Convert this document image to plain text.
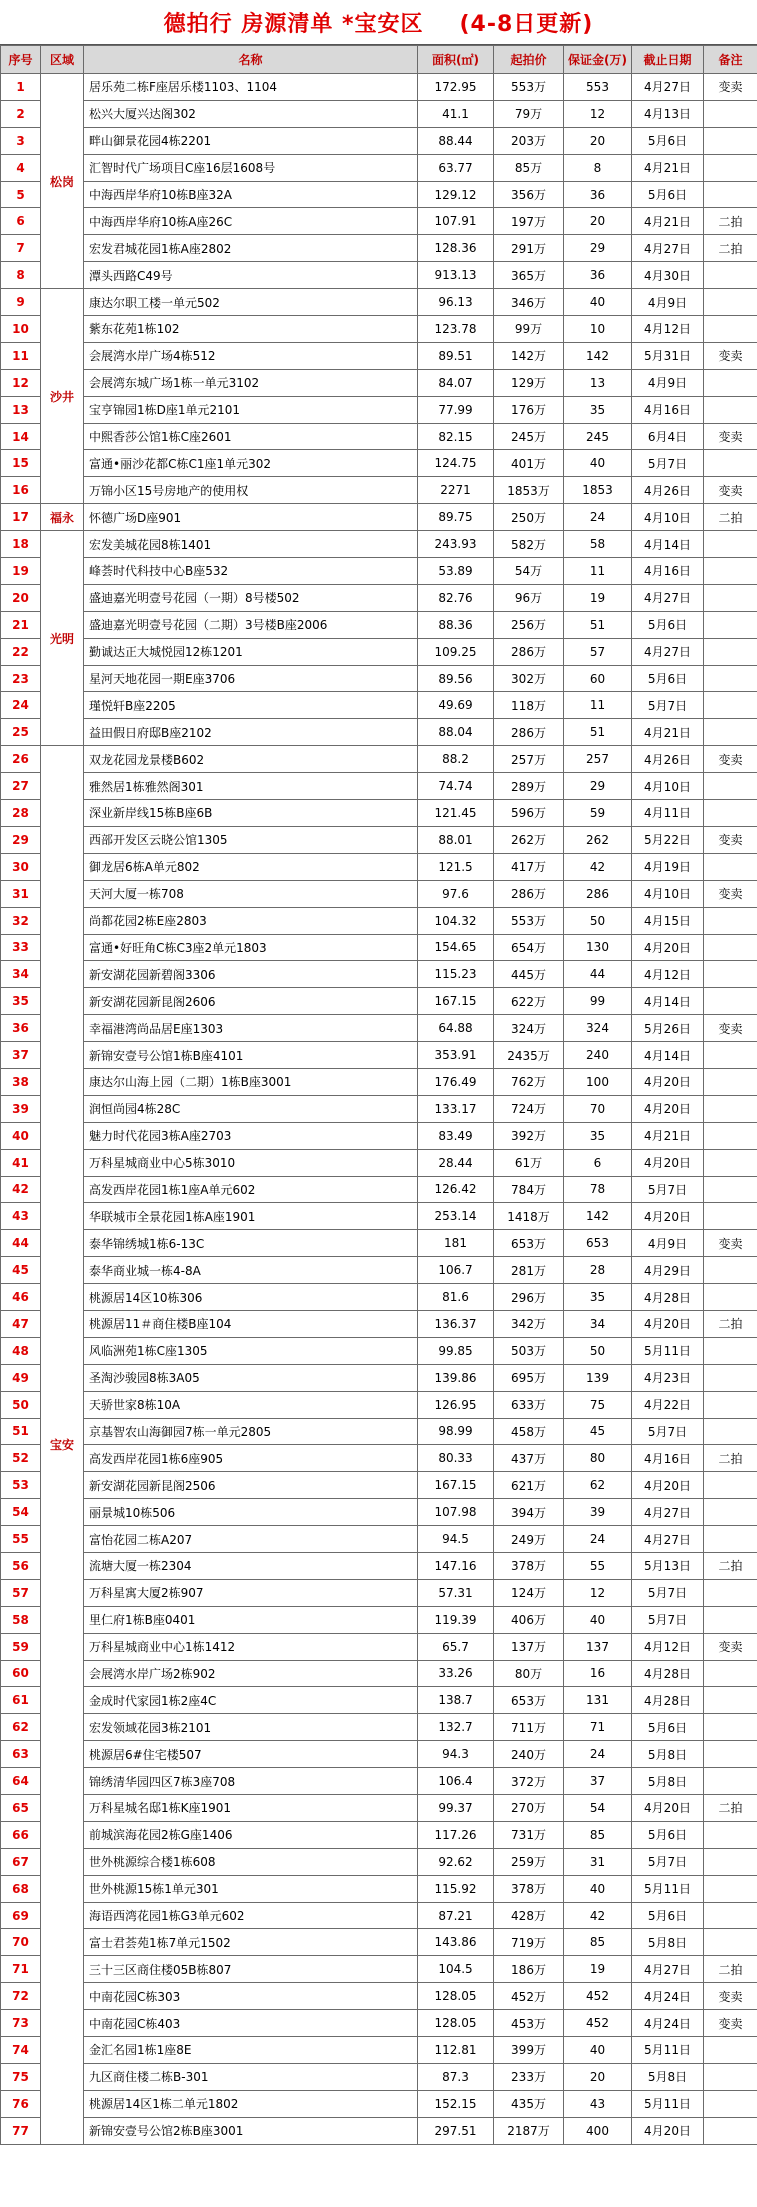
德拍行 房源清单 *宝安区 (4-8日更新)
序号	区域	名称	面积(㎡)	起拍价	保证金(万)	截止日期	备注
1	松岗	居乐苑二栋F座居乐楼1103、1104	172.95	553万	553	4月27日	变卖
2		松兴大厦兴达阁302	41.1	79万	12	4月13日	
3		畔山御景花园4栋2201	88.44	203万	20	5月6日	
4		汇智时代广场项目C座16层1608号	63.77	85万	8	4月21日	
5		中海西岸华府10栋B座32A	129.12	356万	36	5月6日	
6		中海西岸华府10栋A座26C	107.91	197万	20	4月21日	二拍
7		宏发君城花园1栋A座2802	128.36	291万	29	4月27日	二拍
8		潭头西路C49号	913.13	365万	36	4月30日	
9	沙井	康达尔职工楼一单元502	96.13	346万	40	4月9日	
10		紫东花苑1栋102	123.78	99万	10	4月12日	
11		会展湾水岸广场4栋512	89.51	142万	142	5月31日	变卖
12		会展湾东城广场1栋一单元3102	84.07	129万	13	4月9日	
13		宝亨锦园1栋D座1单元2101	77.99	176万	35	4月16日	
14		中熙香莎公馆1栋C座2601	82.15	245万	245	6月4日	变卖
15		富通•丽沙花都C栋C1座1单元302	124.75	401万	40	5月7日	
16		万锦小区15号房地产的使用权	2271	1853万	1853	4月26日	变卖
17	福永	怀德广场D座901	89.75	250万	24	4月10日	二拍
18	光明	宏发美城花园8栋1401	243.93	582万	58	4月14日	
19		峰荟时代科技中心B座532	53.89	54万	11	4月16日	
20		盛迪嘉光明壹号花园（一期）8号楼502	82.76	96万	19	4月27日	
21		盛迪嘉光明壹号花园（二期）3号楼B座2006	88.36	256万	51	5月6日	
22		勤诚达正大城悦园12栋1201	109.25	286万	57	4月27日	
23		星河天地花园一期E座3706	89.56	302万	60	5月6日	
24		瑾悦轩B座2205	49.69	118万	11	5月7日	
25		益田假日府邸B座2102	88.04	286万	51	4月21日	
26	宝安	双龙花园龙景楼B602	88.2	257万	257	4月26日	变卖
27		雅然居1栋雅然阁301	74.74	289万	29	4月10日	
28		深业新岸线15栋B座6B	121.45	596万	59	4月11日	
29		西部开发区云晓公馆1305	88.01	262万	262	5月22日	变卖
30		御龙居6栋A单元802	121.5	417万	42	4月19日	
31		天河大厦一栋708	97.6	286万	286	4月10日	变卖
32		尚都花园2栋E座2803	104.32	553万	50	4月15日	
33		富通•好旺角C栋C3座2单元1803	154.65	654万	130	4月20日	
34		新安湖花园新碧阁3306	115.23	445万	44	4月12日	
35		新安湖花园新昆阁2606	167.15	622万	99	4月14日	
36		幸福港湾尚品居E座1303	64.88	324万	324	5月26日	变卖
37		新锦安壹号公馆1栋B座4101	353.91	2435万	240	4月14日	
38		康达尔山海上园（二期）1栋B座3001	176.49	762万	100	4月20日	
39		润恒尚园4栋28C	133.17	724万	70	4月20日	
40		魅力时代花园3栋A座2703	83.49	392万	35	4月21日	
41		万科星城商业中心5栋3010	28.44	61万	6	4月20日	
42		高发西岸花园1栋1座A单元602	126.42	784万	78	5月7日	
43		华联城市全景花园1栋A座1901	253.14	1418万	142	4月20日	
44		泰华锦绣城1栋6-13C	181	653万	653	4月9日	变卖
45		泰华商业城一栋4-8A	106.7	281万	28	4月29日	
46		桃源居14区10栋306	81.6	296万	35	4月28日	
47		桃源居11＃商住楼B座104	136.37	342万	34	4月20日	二拍
48		风临洲苑1栋C座1305	99.85	503万	50	5月11日	
49		圣淘沙骏园8栋3A05	139.86	695万	139	4月23日	
50		天骄世家8栋10A	126.95	633万	75	4月22日	
51		京基智农山海御园7栋一单元2805	98.99	458万	45	5月7日	
52		高发西岸花园1栋6座905	80.33	437万	80	4月16日	二拍
53		新安湖花园新昆阁2506	167.15	621万	62	4月20日	
54		丽景城10栋506	107.98	394万	39	4月27日	
55		富怡花园二栋A207	94.5	249万	24	4月27日	
56		流塘大厦一栋2304	147.16	378万	55	5月13日	二拍
57		万科星寓大厦2栋907	57.31	124万	12	5月7日	
58		里仁府1栋B座0401	119.39	406万	40	5月7日	
59		万科星城商业中心1栋1412	65.7	137万	137	4月12日	变卖
60		会展湾水岸广场2栋902	33.26	80万	16	4月28日	
61		金成时代家园1栋2座4C	138.7	653万	131	4月28日	
62		宏发领域花园3栋2101	132.7	711万	71	5月6日	
63		桃源居6#住宅楼507	94.3	240万	24	5月8日	
64		锦绣清华园四区7栋3座708	106.4	372万	37	5月8日	
65		万科星城名邸1栋K座1901	99.37	270万	54	4月20日	二拍
66		前城滨海花园2栋G座1406	117.26	731万	85	5月6日	
67		世外桃源综合楼1栋608	92.62	259万	31	5月7日	
68		世外桃源15栋1单元301	115.92	378万	40	5月11日	
69		海语西湾花园1栋G3单元602	87.21	428万	42	5月6日	
70		富士君荟苑1栋7单元1502	143.86	719万	85	5月8日	
71		三十三区商住楼05B栋807	104.5	186万	19	4月27日	二拍
72		中南花园C栋303	128.05	452万	452	4月24日	变卖
73		中南花园C栋403	128.05	453万	452	4月24日	变卖
74		金汇名园1栋1座8E	112.81	399万	40	5月11日	
75		九区商住楼二栋B-301	87.3	233万	20	5月8日	
76		桃源居14区1栋二单元1802	152.15	435万	43	5月11日	
77		新锦安壹号公馆2栋B座3001	297.51	2187万	400	4月20日	
